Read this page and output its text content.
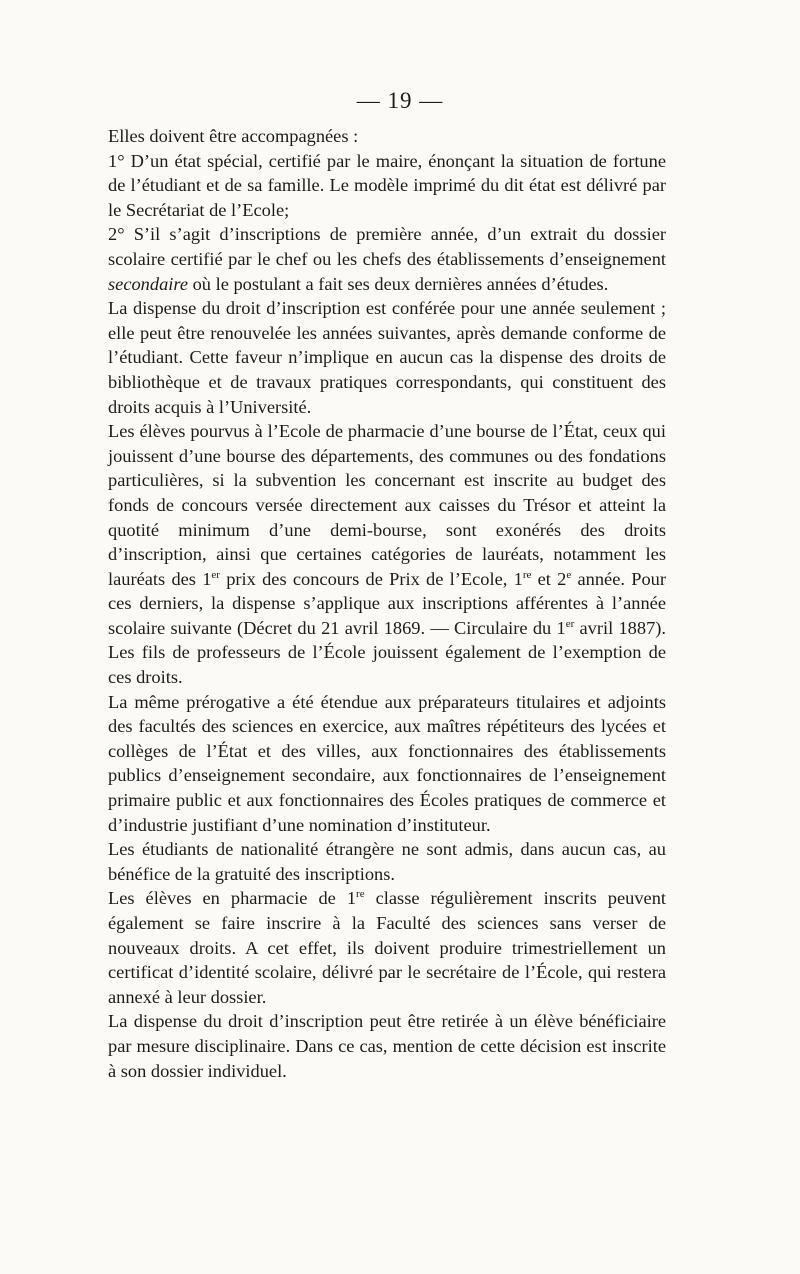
— 19 —

Elles doivent être accompagnées :

1° D’un état spécial, certifié par le maire, énonçant la situation de fortune de l’étudiant et de sa famille. Le modèle imprimé du dit état est délivré par le Secrétariat de l’Ecole;

2° S’il s’agit d’inscriptions de première année, d’un extrait du dossier scolaire certifié par le chef ou les chefs des établissements d’enseignement secondaire où le postulant a fait ses deux dernières années d’études.

La dispense du droit d’inscription est conférée pour une année seulement ; elle peut être renouvelée les années suivantes, après demande conforme de l’étudiant. Cette faveur n’implique en aucun cas la dispense des droits de bibliothèque et de travaux pratiques correspondants, qui constituent des droits acquis à l’Université.

Les élèves pourvus à l’Ecole de pharmacie d’une bourse de l’État, ceux qui jouissent d’une bourse des départements, des communes ou des fondations particulières, si la subvention les concernant est inscrite au budget des fonds de concours versée directement aux caisses du Trésor et atteint la quotité minimum d’une demi-bourse, sont exonérés des droits d’inscription, ainsi que certaines catégories de lauréats, notamment les lauréats des 1er prix des concours de Prix de l’Ecole, 1re et 2e année. Pour ces derniers, la dispense s’applique aux inscriptions afférentes à l’année scolaire suivante (Décret du 21 avril 1869. — Circulaire du 1er avril 1887). Les fils de professeurs de l’École jouissent également de l’exemption de ces droits.

La même prérogative a été étendue aux préparateurs titulaires et adjoints des facultés des sciences en exercice, aux maîtres répétiteurs des lycées et collèges de l’État et des villes, aux fonctionnaires des établissements publics d’enseignement secondaire, aux fonctionnaires de l’enseignement primaire public et aux fonctionnaires des Écoles pratiques de commerce et d’industrie justifiant d’une nomination d’instituteur.

Les étudiants de nationalité étrangère ne sont admis, dans aucun cas, au bénéfice de la gratuité des inscriptions.

Les élèves en pharmacie de 1re classe régulièrement inscrits peuvent également se faire inscrire à la Faculté des sciences sans verser de nouveaux droits. A cet effet, ils doivent produire trimestriellement un certificat d’identité scolaire, délivré par le secrétaire de l’École, qui restera annexé à leur dossier.

La dispense du droit d’inscription peut être retirée à un élève bénéficiaire par mesure disciplinaire. Dans ce cas, mention de cette décision est inscrite à son dossier individuel.
